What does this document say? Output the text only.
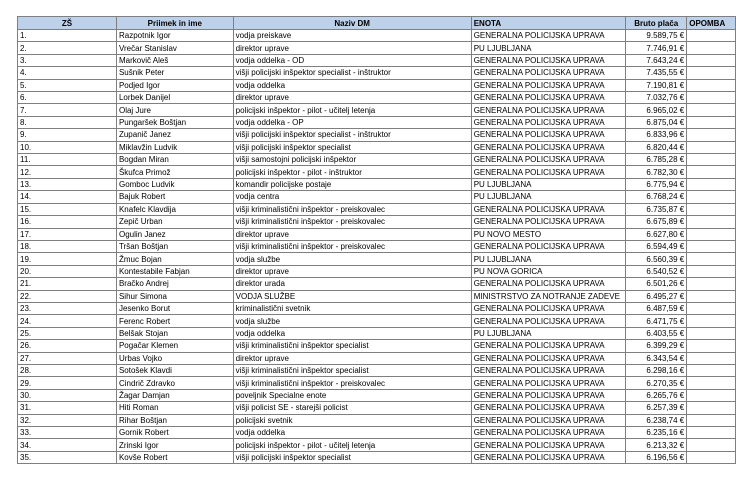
ZŠ	Priimek in ime	Naziv DM	ENOTA	Bruto plača	OPOMBA
1.	Razpotnik Igor	vodja preiskave	GENERALNA POLICIJSKA UPRAVA	9.589,75 €	
2.	Vrečar Stanislav	direktor uprave	PU LJUBLJANA	7.746,91 €	
3.	Markovič Aleš	vodja oddelka - OD	GENERALNA POLICIJSKA UPRAVA	7.643,24 €	
4.	Sušnik Peter	višji policijski inšpektor specialist - inštruktor	GENERALNA POLICIJSKA UPRAVA	7.435,55 €	
5.	Podjed Igor	vodja oddelka	GENERALNA POLICIJSKA UPRAVA	7.190,81 €	
6.	Lorbek Danijel	direktor uprave	GENERALNA POLICIJSKA UPRAVA	7.032,76 €	
7.	Olaj Jure	policijski inšpektor - pilot - učitelj letenja	GENERALNA POLICIJSKA UPRAVA	6.965,02 €	
8.	Pungaršek Boštjan	vodja oddelka - OP	GENERALNA POLICIJSKA UPRAVA	6.875,04 €	
9.	Zupanič Janez	višji policijski inšpektor specialist - inštruktor	GENERALNA POLICIJSKA UPRAVA	6.833,96 €	
10.	Miklavžin Ludvik	višji policijski inšpektor specialist	GENERALNA POLICIJSKA UPRAVA	6.820,44 €	
11.	Bogdan Miran	višji samostojni policijski inšpektor	GENERALNA POLICIJSKA UPRAVA	6.785,28 €	
12.	Škufca Primož	policijski inšpektor - pilot - inštruktor	GENERALNA POLICIJSKA UPRAVA	6.782,30 €	
13.	Gomboc Ludvik	komandir policijske postaje	PU LJUBLJANA	6.775,94 €	
14.	Bajuk Robert	vodja centra	PU LJUBLJANA	6.768,24 €	
15.	Knafelc Klavdija	višji kriminalistični inšpektor - preiskovalec	GENERALNA POLICIJSKA UPRAVA	6.735,87 €	
16.	Zepič Urban	višji kriminalistični inšpektor - preiskovalec	GENERALNA POLICIJSKA UPRAVA	6.675,89 €	
17.	Ogulin Janez	direktor uprave	PU NOVO MESTO	6.627,80 €	
18.	Tršan Boštjan	višji kriminalistični inšpektor - preiskovalec	GENERALNA POLICIJSKA UPRAVA	6.594,49 €	
19.	Žmuc Bojan	vodja službe	PU LJUBLJANA	6.560,39 €	
20.	Kontestabile Fabjan	direktor uprave	PU NOVA GORICA	6.540,52 €	
21.	Bračko Andrej	direktor urada	GENERALNA POLICIJSKA UPRAVA	6.501,26 €	
22.	Sihur Simona	VODJA SLUŽBE	MINISTRSTVO ZA NOTRANJE ZADEVE	6.495,27 €	
23.	Jesenko Borut	kriminalistični svetnik	GENERALNA POLICIJSKA UPRAVA	6.487,59 €	
24.	Ferenc Robert	vodja službe	GENERALNA POLICIJSKA UPRAVA	6.471,75 €	
25.	Belšak Stojan	vodja oddelka	PU LJUBLJANA	6.403,55 €	
26.	Pogačar Klemen	višji kriminalistični inšpektor specialist	GENERALNA POLICIJSKA UPRAVA	6.399,29 €	
27.	Urbas Vojko	direktor uprave	GENERALNA POLICIJSKA UPRAVA	6.343,54 €	
28.	Sotošek Klavdi	višji kriminalistični inšpektor specialist	GENERALNA POLICIJSKA UPRAVA	6.298,16 €	
29.	Cindrič Zdravko	višji kriminalistični inšpektor - preiskovalec	GENERALNA POLICIJSKA UPRAVA	6.270,35 €	
30.	Žagar Damjan	poveljnik Specialne enote	GENERALNA POLICIJSKA UPRAVA	6.265,76 €	
31.	Hiti Roman	višji policist SE - starejši policist	GENERALNA POLICIJSKA UPRAVA	6.257,39 €	
32.	Rihar Boštjan	policijski svetnik	GENERALNA POLICIJSKA UPRAVA	6.238,74 €	
33.	Gornik Robert	vodja oddelka	GENERALNA POLICIJSKA UPRAVA	6.235,16 €	
34.	Zrinski Igor	policijski inšpektor - pilot - učitelj letenja	GENERALNA POLICIJSKA UPRAVA	6.213,32 €	
35.	Kovše Robert	višji policijski inšpektor specialist	GENERALNA POLICIJSKA UPRAVA	6.196,56 €	
